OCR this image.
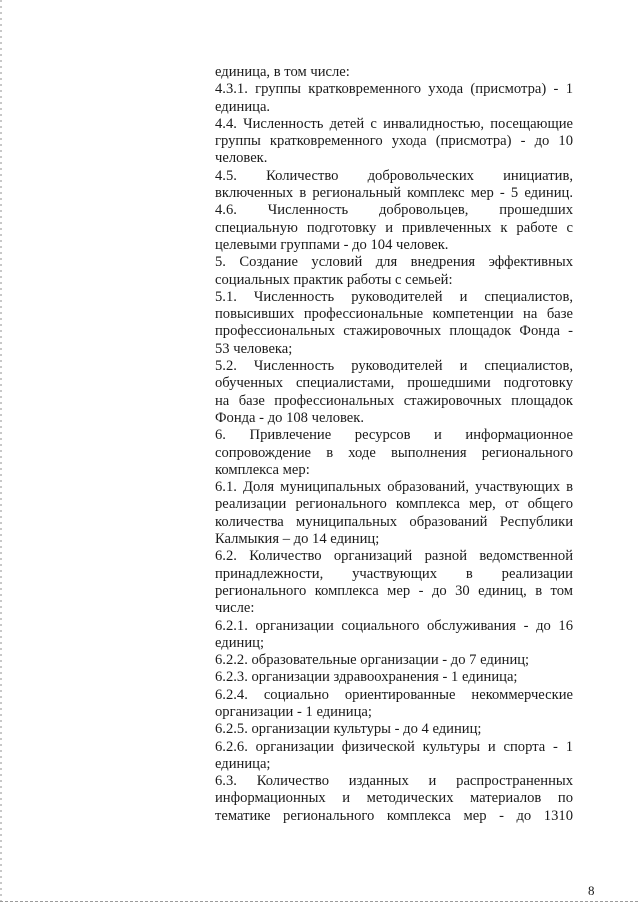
единица, в том числе:
4.3.1. группы кратковременного ухода (присмотра) - 1
единица.
4.4. Численность детей с инвалидностью, посещающие
группы кратковременного ухода (присмотра) - до 10
человек.
4.5. Количество добровольческих инициатив,
включенных в региональный комплекс мер - 5 единиц.
4.6. Численность добровольцев, прошедших
специальную подготовку и привлеченных к работе с
целевыми группами - до 104 человек.
5. Создание условий для внедрения эффективных
социальных практик работы с семьей:
5.1. Численность руководителей и специалистов,
повысивших профессиональные компетенции на базе
профессиональных стажировочных площадок Фонда -
53 человека;
5.2. Численность руководителей и специалистов,
обученных специалистами, прошедшими подготовку
на базе профессиональных стажировочных площадок
Фонда - до 108 человек.
6. Привлечение ресурсов и информационное
сопровождение в ходе выполнения регионального
комплекса мер:
6.1. Доля муниципальных образований, участвующих в
реализации регионального комплекса мер, от общего
количества муниципальных образований Республики
Калмыкия – до 14 единиц;
6.2. Количество организаций разной ведомственной
принадлежности, участвующих в реализации
регионального комплекса мер - до 30 единиц, в том
числе:
6.2.1. организации социального обслуживания - до 16
единиц;
6.2.2. образовательные организации - до 7 единиц;
6.2.3. организации здравоохранения - 1 единица;
6.2.4. социально ориентированные некоммерческие
организации - 1 единица;
6.2.5. организации культуры - до 4 единиц;
6.2.6. организации физической культуры и спорта - 1
единица;
6.3. Количество изданных и распространенных
информационных и методических материалов по
тематике регионального комплекса мер - до 1310
8
